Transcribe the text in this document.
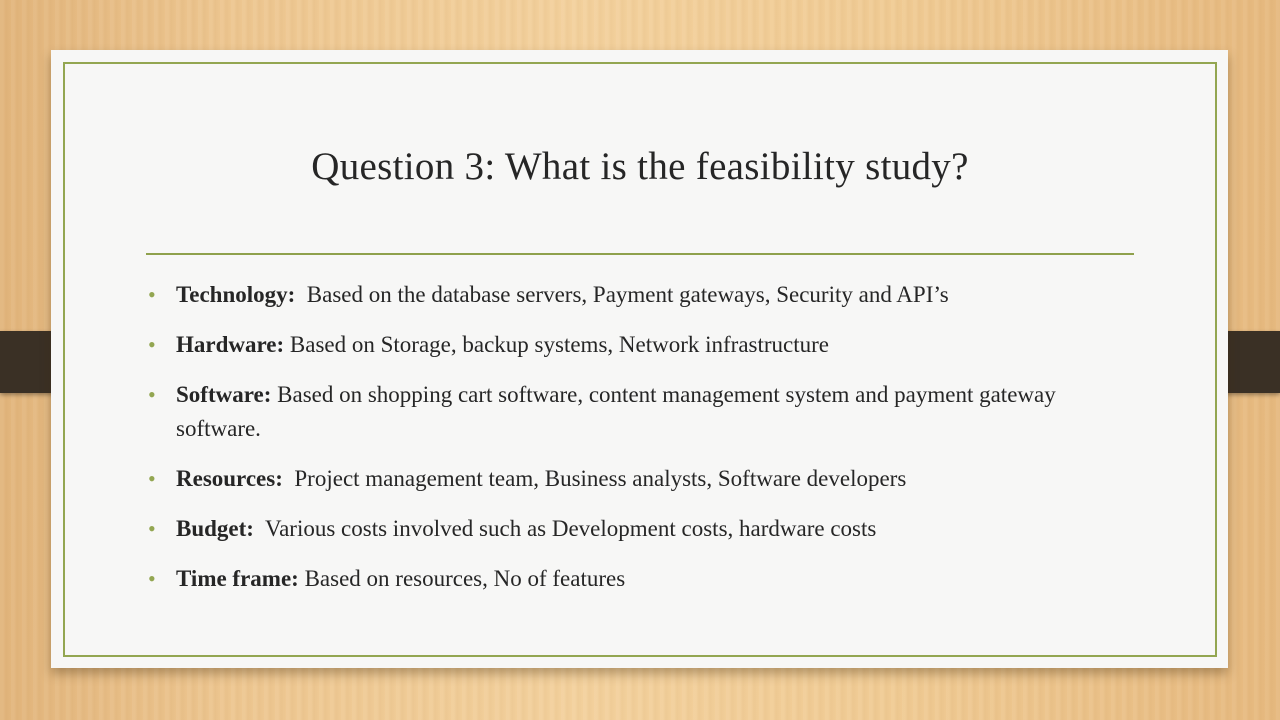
Question 3: What is the feasibility study?
• Technology:  Based on the database servers, Payment gateways, Security and API’s
• Hardware: Based on Storage, backup systems, Network infrastructure
• Software: Based on shopping cart software, content management system and payment gateway software.
• Resources:  Project management team, Business analysts, Software developers
• Budget:  Various costs involved such as Development costs, hardware costs
• Time frame: Based on resources, No of features
